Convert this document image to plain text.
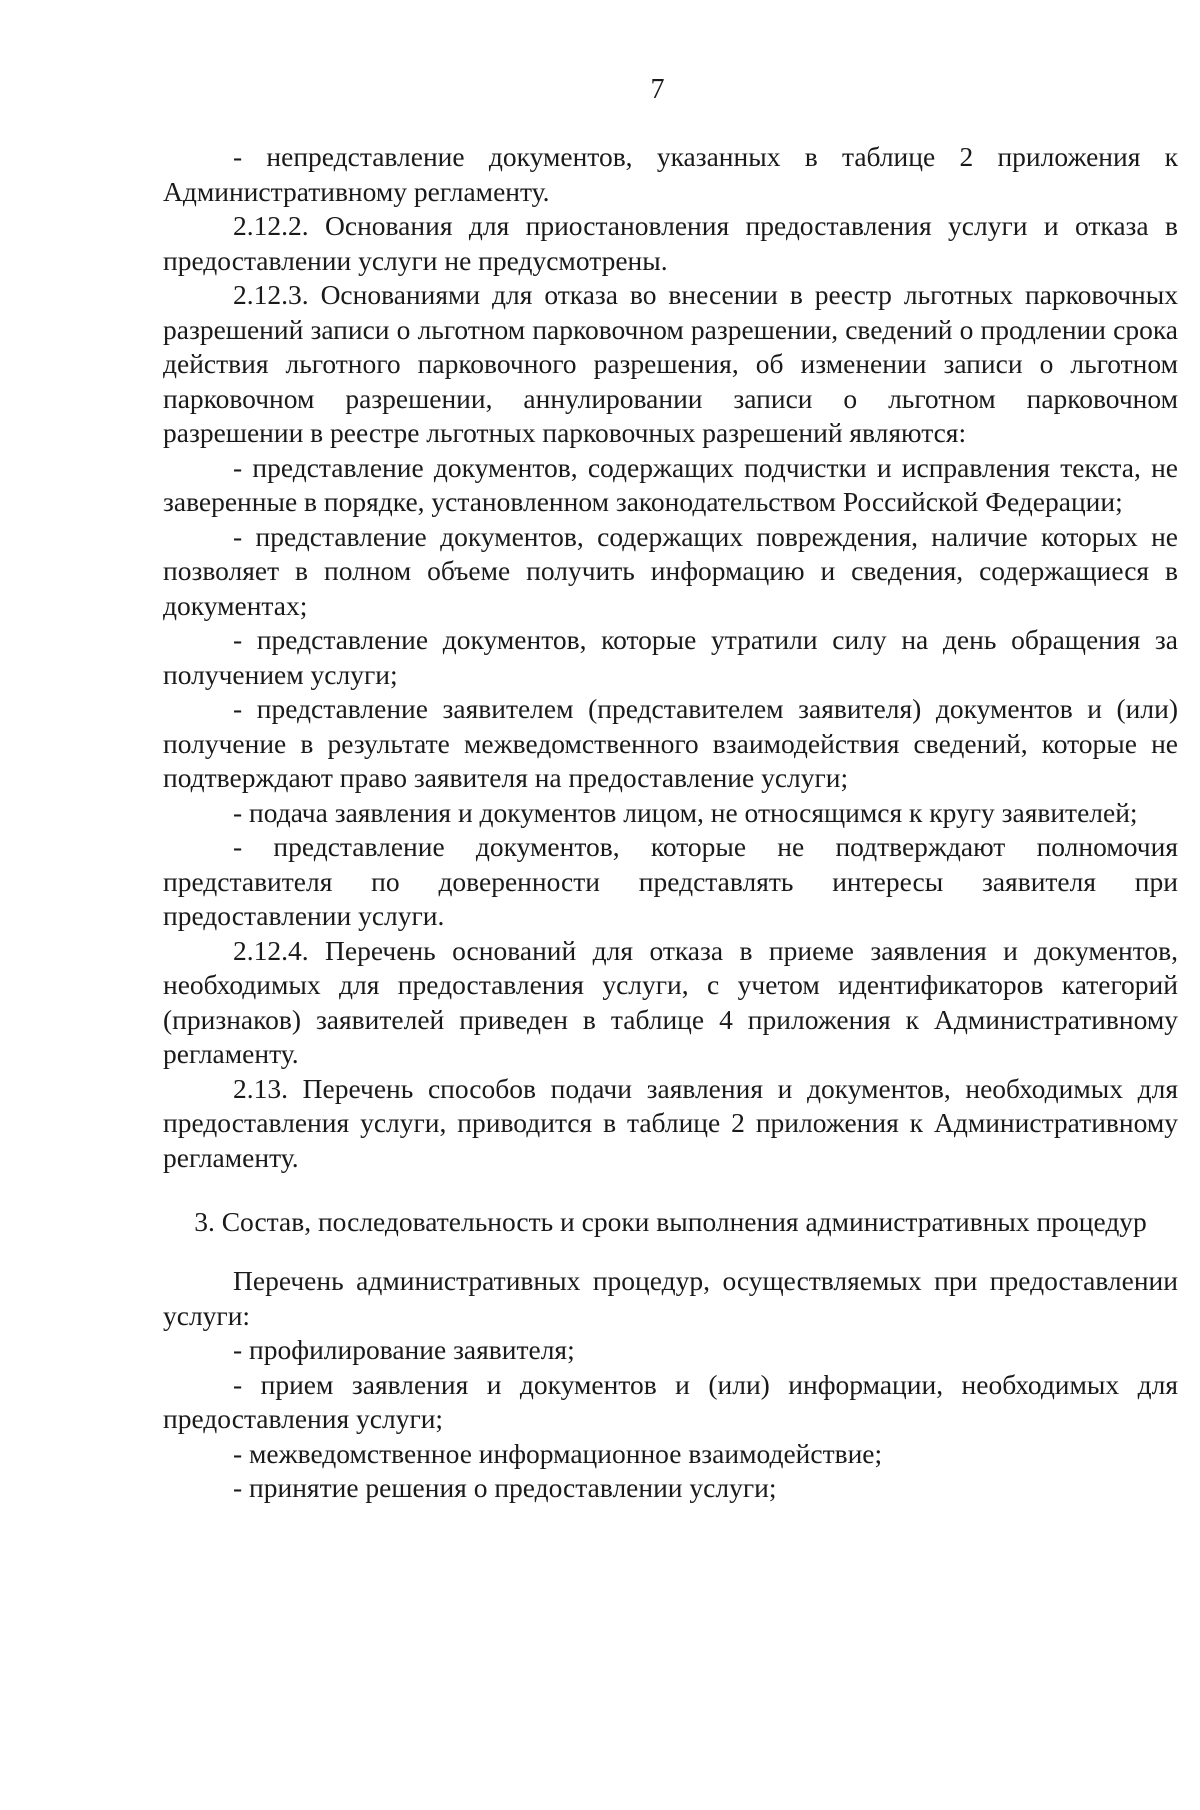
7

- непредставление документов, указанных в таблице 2 приложения к Административному регламенту.

2.12.2. Основания для приостановления предоставления услуги и отказа в предоставлении услуги не предусмотрены.

2.12.3. Основаниями для отказа во внесении в реестр льготных парковочных разрешений записи о льготном парковочном разрешении, сведений о продлении срока действия льготного парковочного разрешения, об изменении записи о льготном парковочном разрешении, аннулировании записи о льготном парковочном разрешении в реестре льготных парковочных разрешений являются:

- представление документов, содержащих подчистки и исправления текста, не заверенные в порядке, установленном законодательством Российской Федерации;

- представление документов, содержащих повреждения, наличие которых не позволяет в полном объеме получить информацию и сведения, содержащиеся в документах;

- представление документов, которые утратили силу на день обращения за получением услуги;

- представление заявителем (представителем заявителя) документов и (или) получение в результате межведомственного взаимодействия сведений, которые не подтверждают право заявителя на предоставление услуги;

- подача заявления и документов лицом, не относящимся к кругу заявителей;

- представление документов, которые не подтверждают полномочия представителя по доверенности представлять интересы заявителя при предоставлении услуги.

2.12.4. Перечень оснований для отказа в приеме заявления и документов, необходимых для предоставления услуги, с учетом идентификаторов категорий (признаков) заявителей приведен в таблице 4 приложения к Административному регламенту.

2.13. Перечень способов подачи заявления и документов, необходимых для предоставления услуги, приводится в таблице 2 приложения к Административному регламенту.

3. Состав, последовательность и сроки выполнения административных процедур

Перечень административных процедур, осуществляемых при предоставлении услуги:

- профилирование заявителя;

- прием заявления и документов и (или) информации, необходимых для предоставления услуги;

- межведомственное информационное взаимодействие;

- принятие решения о предоставлении услуги;
